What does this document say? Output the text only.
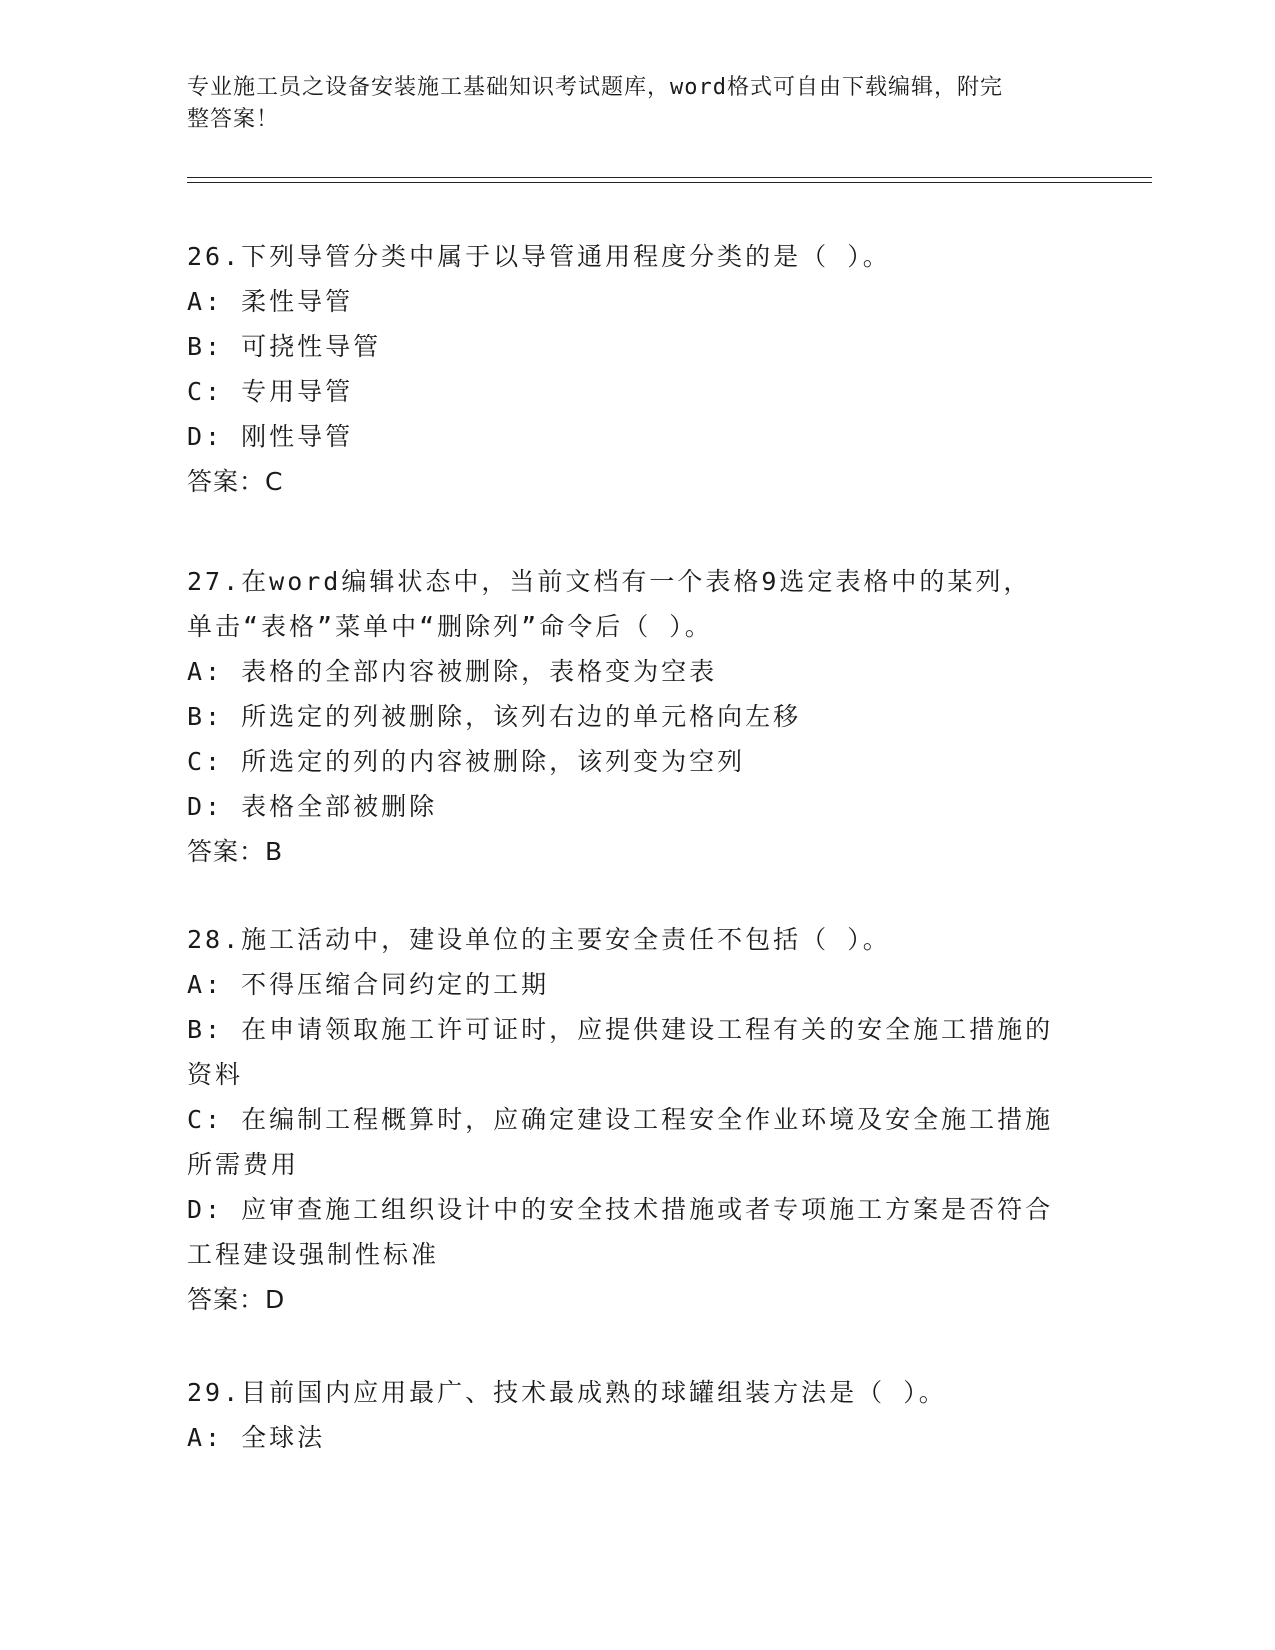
专业施工员之设备安装施工基础知识考试题库，word格式可自由下载编辑，附完
整答案！
26.下列导管分类中属于以导管通用程度分类的是（ ）。
A: 柔性导管
B: 可挠性导管
C: 专用导管
D: 刚性导管
答案：C
27.在word编辑状态中，当前文档有一个表格9选定表格中的某列，
单击“表格”菜单中“删除列”命令后（ ）。
A: 表格的全部内容被删除，表格变为空表
B: 所选定的列被删除，该列右边的单元格向左移
C: 所选定的列的内容被删除，该列变为空列
D: 表格全部被删除
答案：B
28.施工活动中，建设单位的主要安全责任不包括（ ）。
A: 不得压缩合同约定的工期
B: 在申请领取施工许可证时，应提供建设工程有关的安全施工措施的
资料
C: 在编制工程概算时，应确定建设工程安全作业环境及安全施工措施
所需费用
D: 应审查施工组织设计中的安全技术措施或者专项施工方案是否符合
工程建设强制性标准
答案：D
29.目前国内应用最广、技术最成熟的球罐组装方法是（ ）。
A: 全球法
